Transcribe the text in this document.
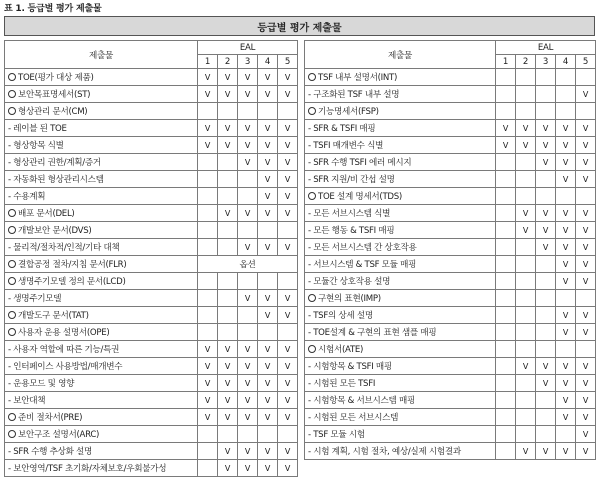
표 1. 등급별 평가 제출물
등급별 평가 제출물
제출물	EAL				
	1	2	3	4	5
TOE(평가 대상 제품)	V	V	V	V	V
보안목표명세서(ST)	V	V	V	V	V
형상관리 문서(CM)					
- 레이블 된 TOE	V	V	V	V	V
- 형상항목 식별	V	V	V	V	V
- 형상관리 권한/계획/증거			V	V	V
- 자동화된 형상관리시스템				V	V
- 수용계획				V	V
배포 문서(DEL)		V	V	V	V
개발보안 문서(DVS)					
- 물리적/절차적/인적/기타 대책			V	V	V
결합공정 절차/지침 문서(FLR)	옵션				
생명주기모델 정의 문서(LCD)					
- 생명주기모델			V	V	V
개발도구 문서(TAT)				V	V
사용자 운용 설명서(OPE)					
- 사용자 역할에 따른 기능/특권	V	V	V	V	V
- 인터페이스 사용방법/매개변수	V	V	V	V	V
- 운용모드 및 영향	V	V	V	V	V
- 보안대책	V	V	V	V	V
준비 절차서(PRE)	V	V	V	V	V
보안구조 설명서(ARC)					
- SFR 수행 추상화 설명		V	V	V	V
- 보안영역/TSF 초기화/자체보호/우회불가성		V	V	V	V
제출물	EAL				
	1	2	3	4	5
TSF 내부 설명서(INT)					
- 구조화된 TSF 내부 설명					V
기능명세서(FSP)					
- SFR & TSFI 매핑	V	V	V	V	V
- TSFI 매개변수 식별	V	V	V	V	V
- SFR 수행 TSFI 에러 메시지			V	V	V
- SFR 지원/비 간섭 설명				V	V
TOE 설계 명세서(TDS)					
- 모든 서브시스템 식별		V	V	V	V
- 모든 행동 & TSFI 매핑		V	V	V	V
- 모든 서브시스템 간 상호작용			V	V	V
- 서브시스템 & TSF 모듈 매핑				V	V
- 모듈간 상호작용 설명				V	V
구현의 표현(IMP)					
- TSF의 상세 설명				V	V
- TOE설계 & 구현의 표현 샘플 매핑				V	V
시험서(ATE)					
- 시험항목 & TSFI 매핑		V	V	V	V
- 시험된 모든 TSFI			V	V	V
- 시험항목 & 서브시스템 매핑				V	V
- 시험된 모든 서브시스템				V	V
- TSF 모듈 시험					V
- 시험 계획, 시험 절차, 예상/실제 시험결과		V	V	V	V
